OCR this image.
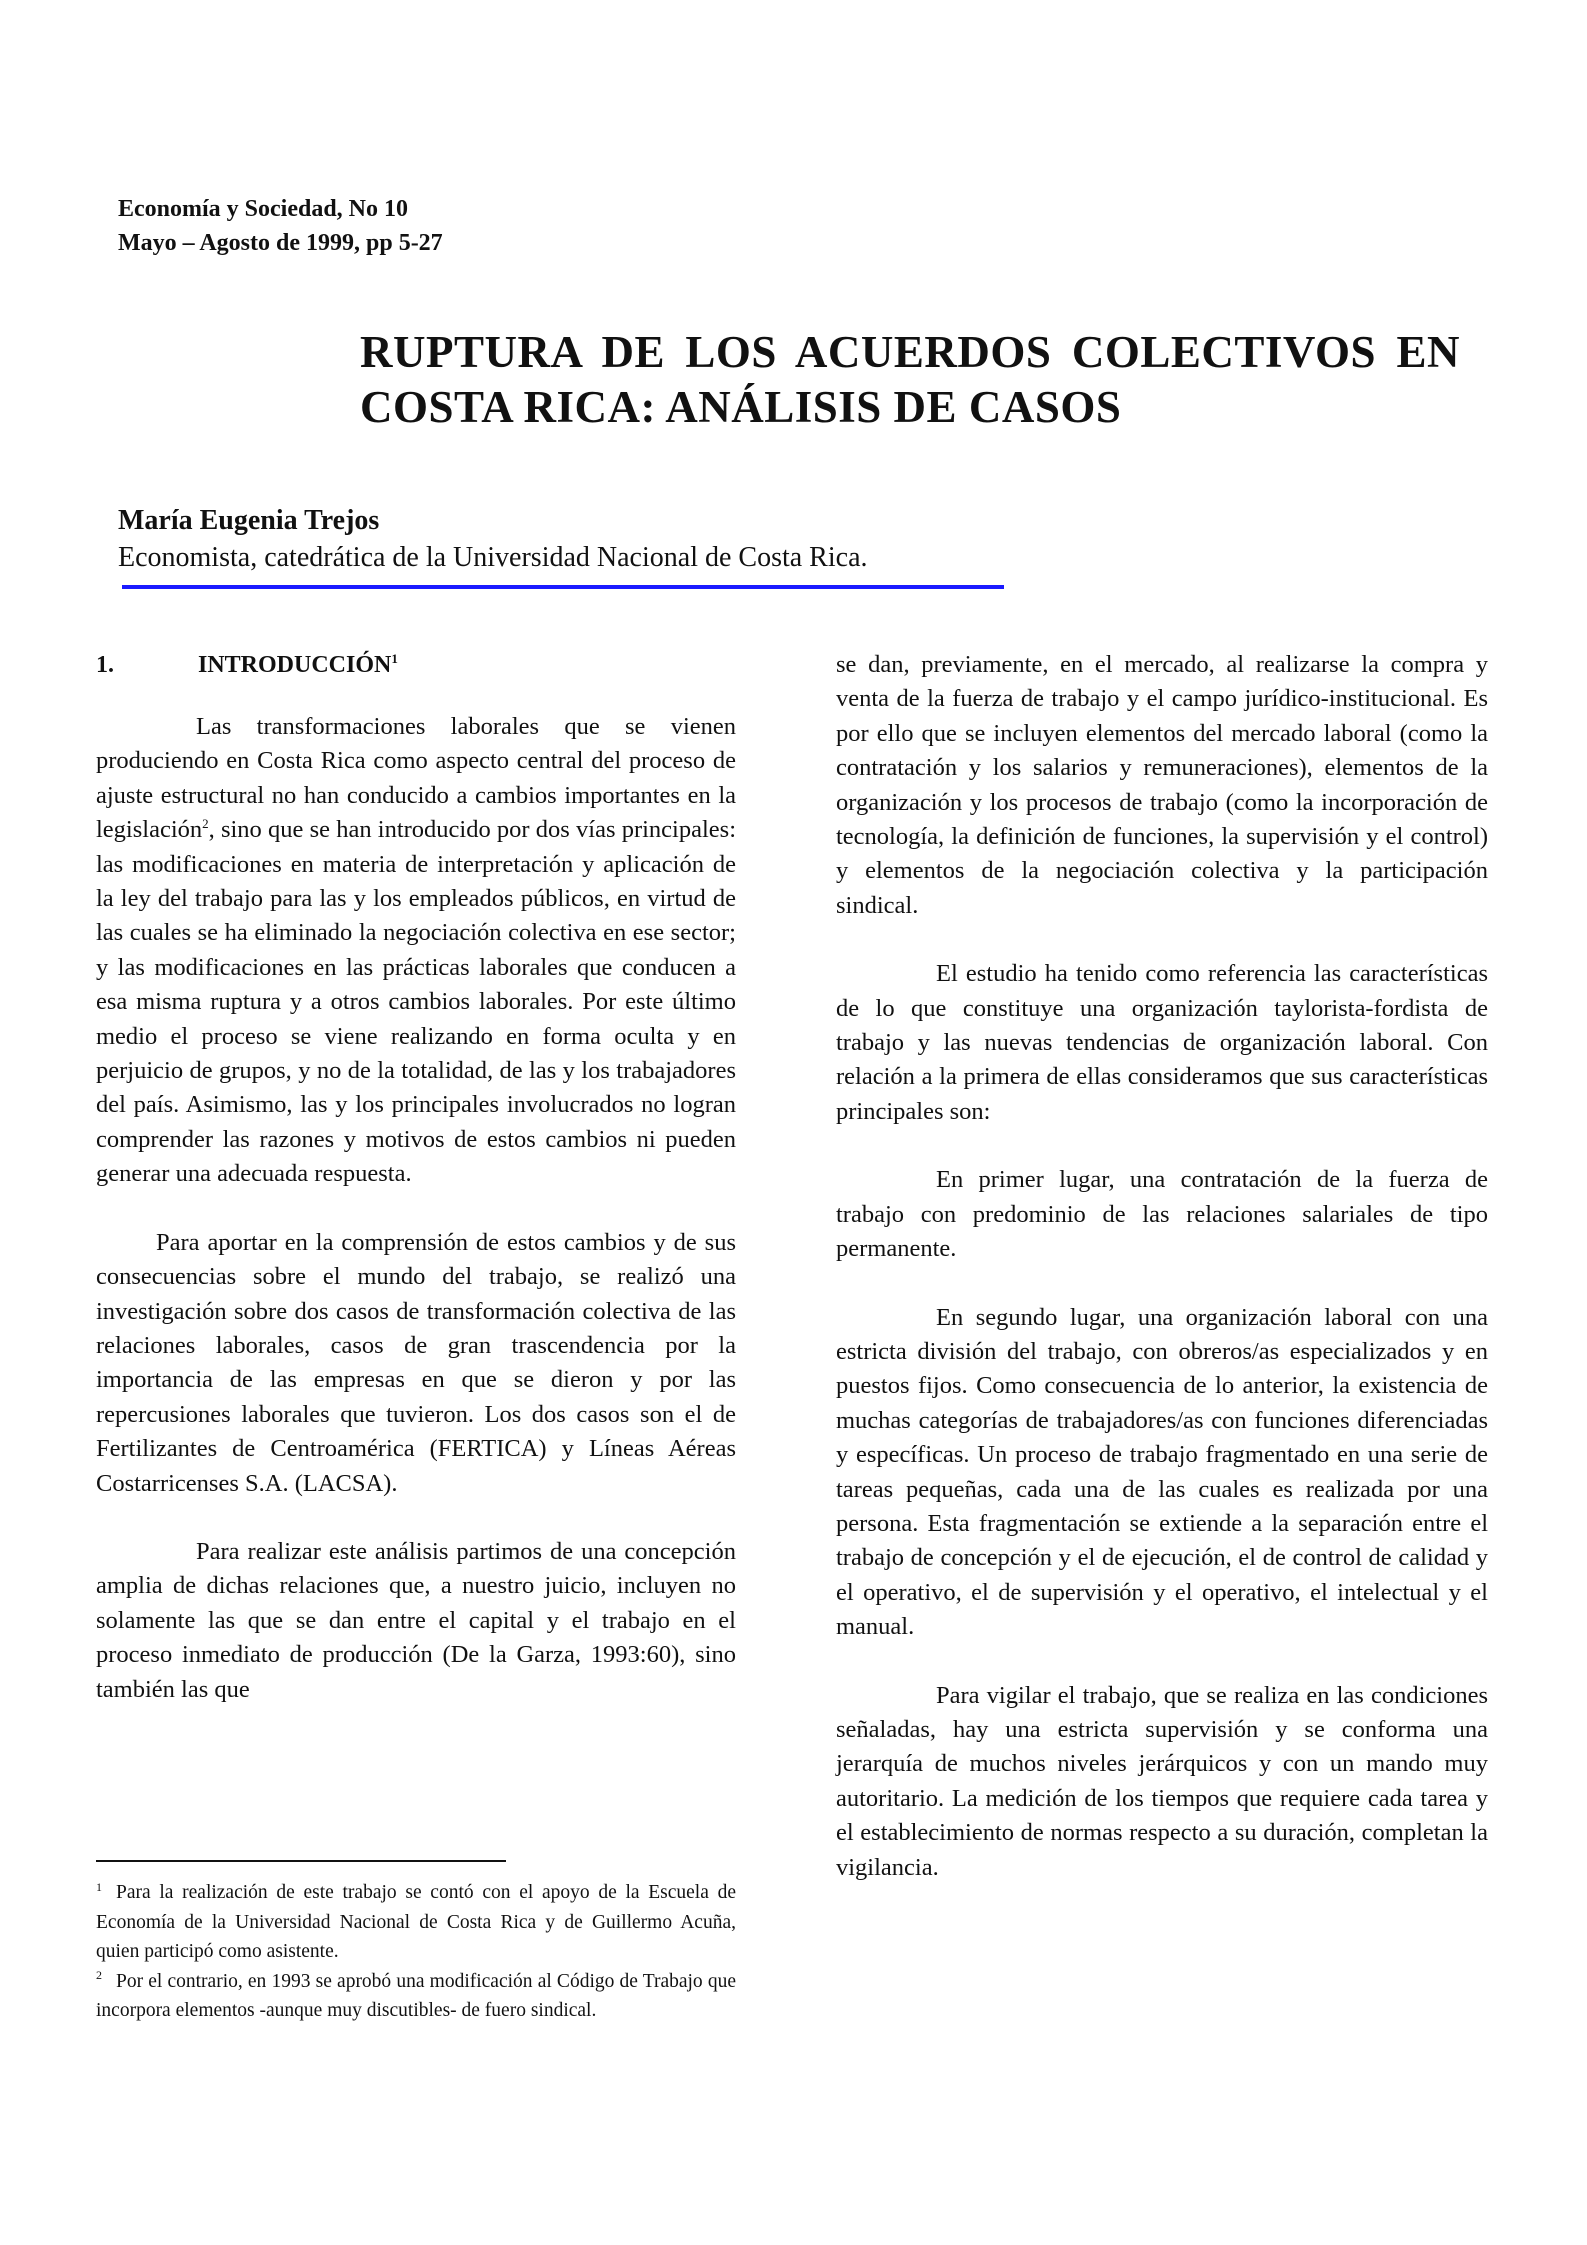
Economía y Sociedad, No 10
Mayo – Agosto de 1999, pp 5-27
RUPTURA DE LOS ACUERDOS COLECTIVOS EN
COSTA RICA: ANÁLISIS DE CASOS
María Eugenia Trejos
Economista, catedrática de la Universidad Nacional de Costa Rica.
1.	INTRODUCCIÓN$^1$

Las transformaciones laborales que se vienen produciendo en Costa Rica como aspecto central del proceso de ajuste estructural no han conducido a cambios importantes en la legislación$^2$, sino que se han introducido por dos vías principales: las modificaciones en materia de interpretación y aplicación de la ley del trabajo para las y los empleados públicos, en virtud de las cuales se ha eliminado la negociación colectiva en ese sector; y las modificaciones en las prácticas laborales que conducen a esa misma ruptura y a otros cambios laborales. Por este último medio el proceso se viene realizando en forma oculta y en perjuicio de grupos, y no de la totalidad, de las y los trabajadores del país. Asimismo, las y los principales involucrados no logran comprender las razones y motivos de estos cambios ni pueden generar una adecuada respuesta.

Para aportar en la comprensión de estos cambios y de sus consecuencias sobre el mundo del trabajo, se realizó una investigación sobre dos casos de transformación colectiva de las relaciones laborales, casos de gran trascendencia por la importancia de las empresas en que se dieron y por las repercusiones laborales que tuvieron. Los dos casos son el de Fertilizantes de Centroamérica (FERTICA) y Líneas Aéreas Costarricenses S.A. (LACSA).

Para realizar este análisis partimos de una concepción amplia de dichas relaciones que, a nuestro juicio, incluyen no solamente las que se dan entre el capital y el trabajo en el proceso inmediato de producción (De la Garza, 1993:60), sino también las que

se dan, previamente, en el mercado, al realizarse la compra y venta de la fuerza de trabajo y el campo jurídico-institucional. Es por ello que se incluyen elementos del mercado laboral (como la contratación y los salarios y remuneraciones), elementos de la organización y los procesos de trabajo (como la incorporación de tecnología, la definición de funciones, la supervisión y el control) y elementos de la negociación colectiva y la participación sindical.

El estudio ha tenido como referencia las características de lo que constituye una organización taylorista-fordista de trabajo y las nuevas tendencias de organización laboral. Con relación a la primera de ellas consideramos que sus características principales son:

En primer lugar, una contratación de la fuerza de trabajo con predominio de las relaciones salariales de tipo permanente.

En segundo lugar, una organización laboral con una estricta división del trabajo, con obreros/as especializados y en puestos fijos. Como consecuencia de lo anterior, la existencia de muchas categorías de trabajadores/as con funciones diferenciadas y específicas. Un proceso de trabajo fragmentado en una serie de tareas pequeñas, cada una de las cuales es realizada por una persona. Esta fragmentación se extiende a la separación entre el trabajo de concepción y el de ejecución, el de control de calidad y el operativo, el de supervisión y el operativo, el intelectual y el manual.

Para vigilar el trabajo, que se realiza en las condiciones señaladas, hay una estricta supervisión y se conforma una jerarquía de muchos niveles jerárquicos y con un mando muy autoritario. La medición de los tiempos que requiere cada tarea y el establecimiento de normas respecto a su duración, completan la vigilancia.

$^1$ Para la realización de este trabajo se contó con el apoyo de la Escuela de Economía de la Universidad Nacional de Costa Rica y de Guillermo Acuña, quien participó como asistente.

$^2$ Por el contrario, en 1993 se aprobó una modificación al Código de Trabajo que incorpora elementos -aunque muy discutibles- de fuero sindical.
